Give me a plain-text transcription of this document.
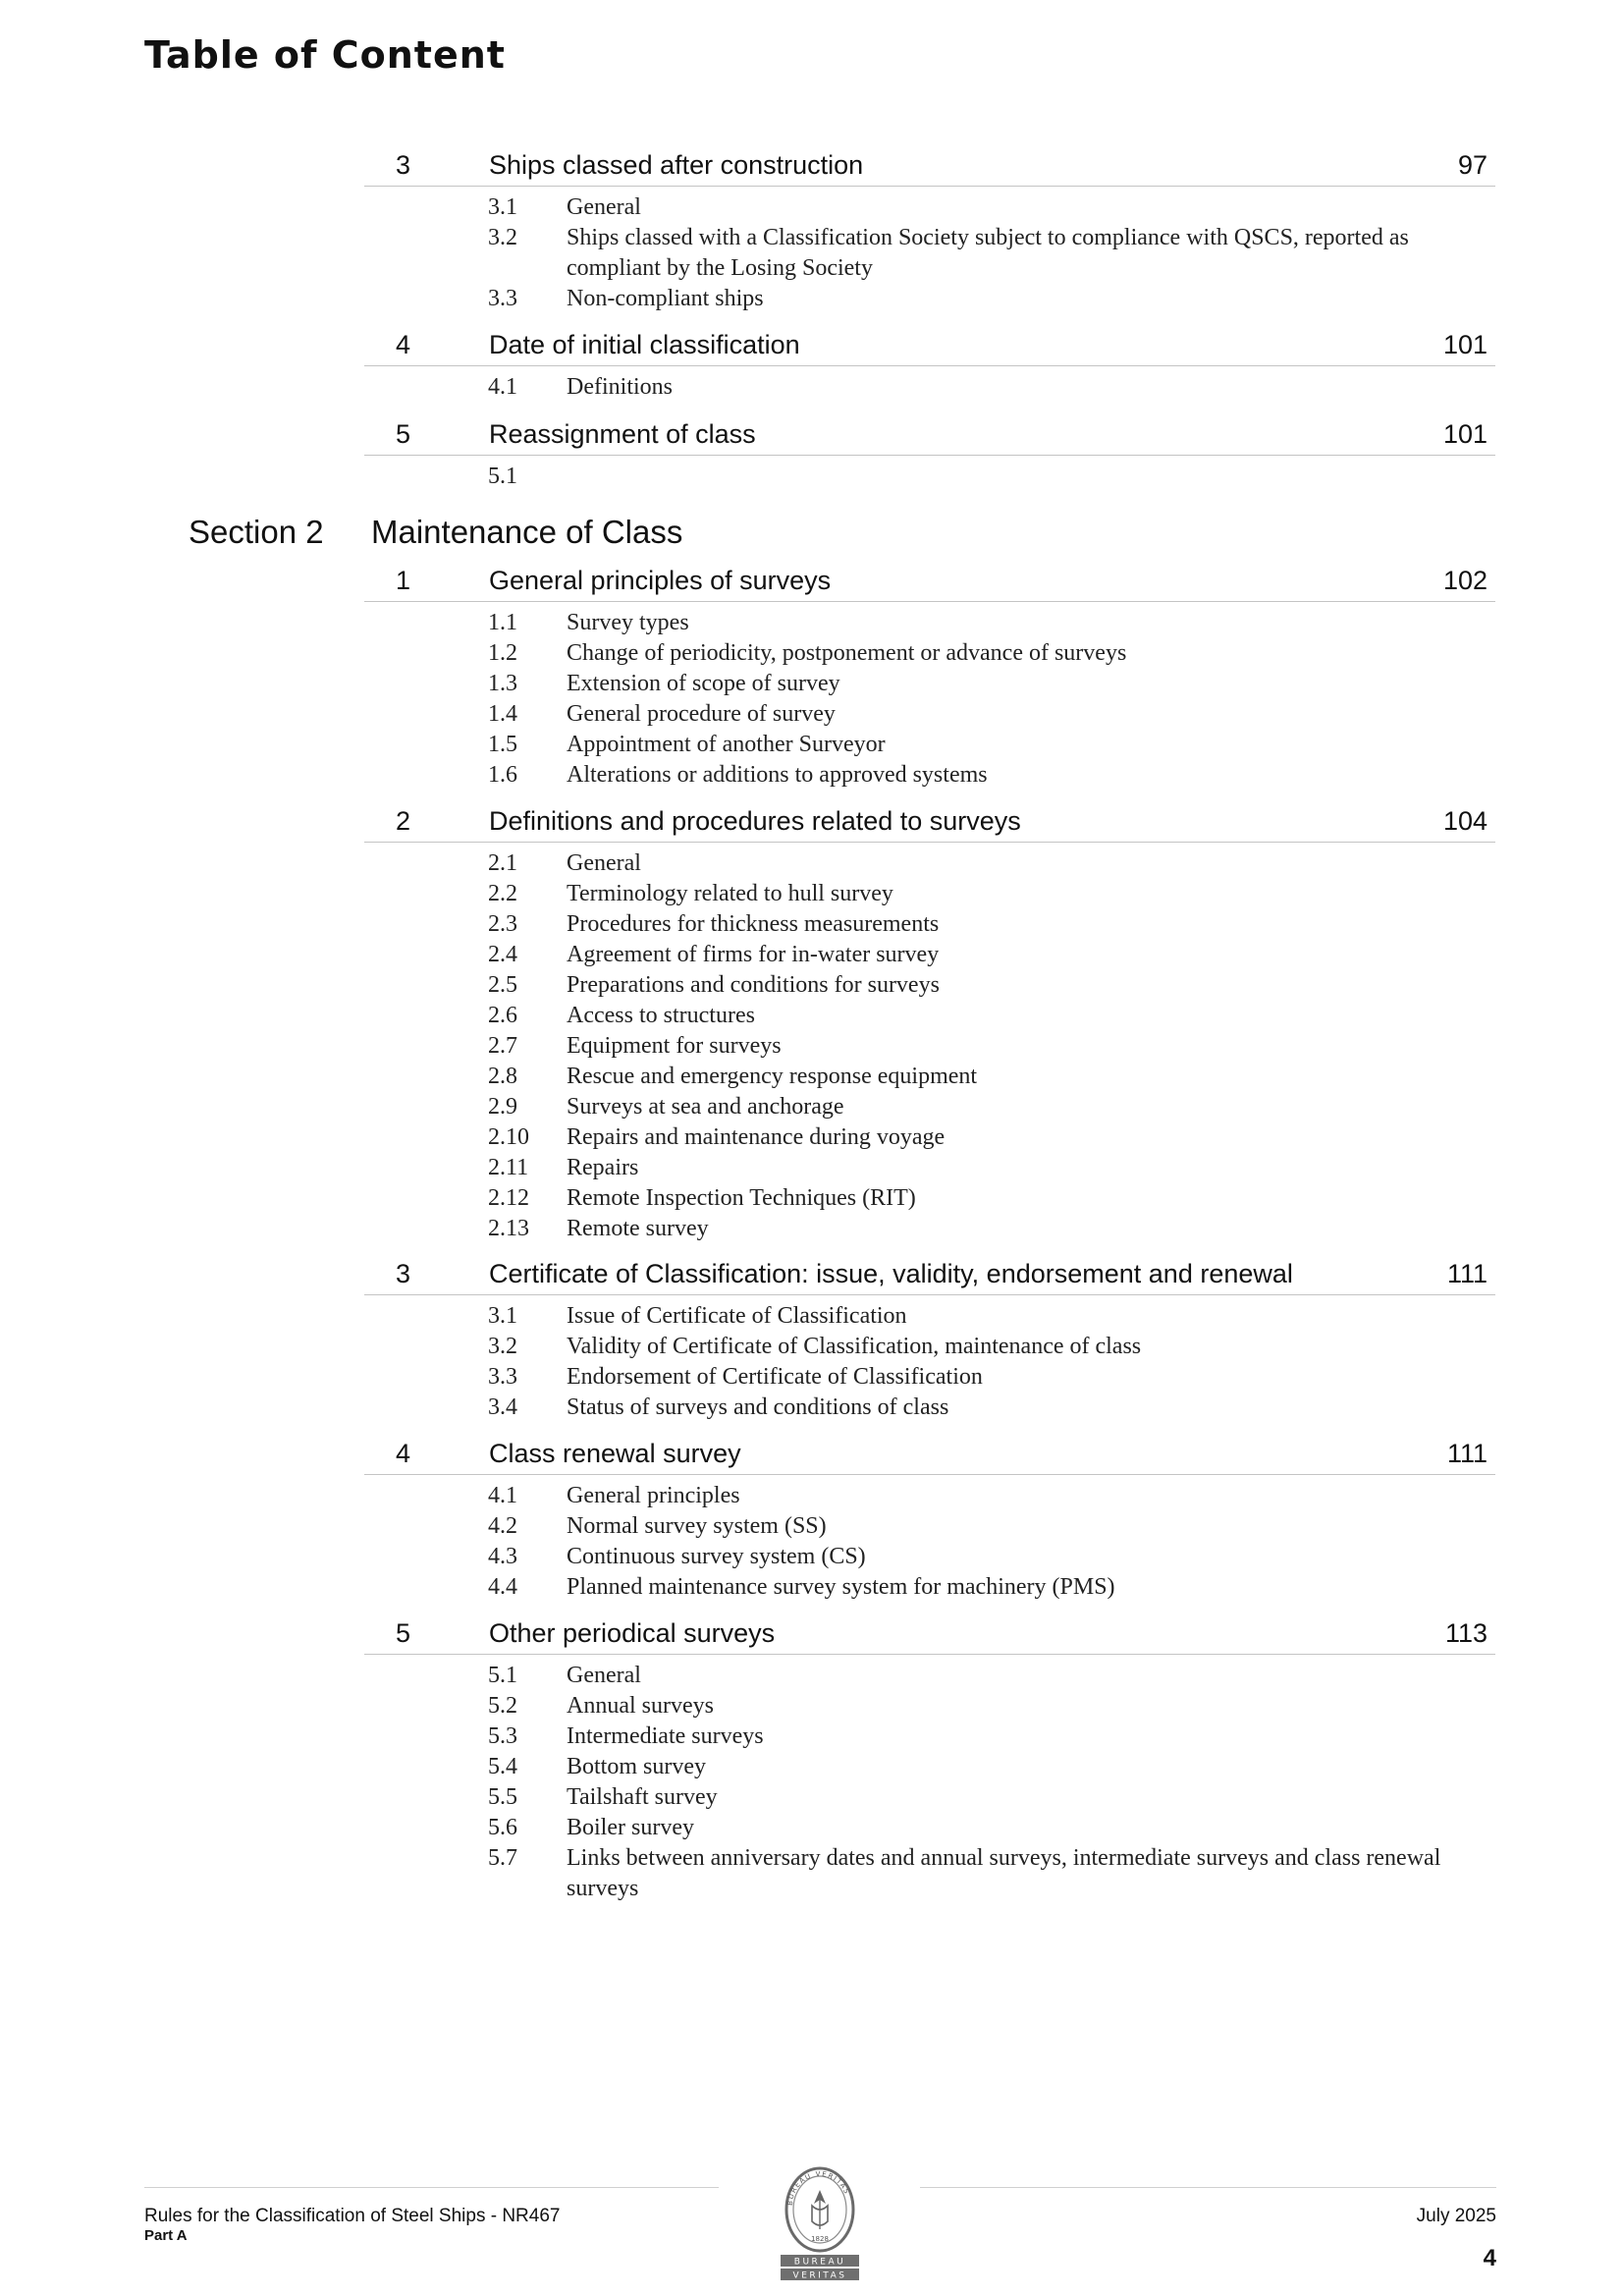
Table of Content
3	Ships classed after construction	97
3.1 General
3.2 Ships classed with a Classification Society subject to compliance with QSCS, reported as compliant by the Losing Society
3.3 Non-compliant ships
4	Date of initial classification	101
4.1 Definitions
5	Reassignment of class	101
5.1
Section 2 Maintenance of Class
1	General principles of surveys	102
1.1 Survey types
1.2 Change of periodicity, postponement or advance of surveys
1.3 Extension of scope of survey
1.4 General procedure of survey
1.5 Appointment of another Surveyor
1.6 Alterations or additions to approved systems
2	Definitions and procedures related to surveys	104
2.1 General
2.2 Terminology related to hull survey
2.3 Procedures for thickness measurements
2.4 Agreement of firms for in-water survey
2.5 Preparations and conditions for surveys
2.6 Access to structures
2.7 Equipment for surveys
2.8 Rescue and emergency response equipment
2.9 Surveys at sea and anchorage
2.10 Repairs and maintenance during voyage
2.11 Repairs
2.12 Remote Inspection Techniques (RIT)
2.13 Remote survey
3	Certificate of Classification: issue, validity, endorsement and renewal	111
3.1 Issue of Certificate of Classification
3.2 Validity of Certificate of Classification, maintenance of class
3.3 Endorsement of Certificate of Classification
3.4 Status of surveys and conditions of class
4	Class renewal survey	111
4.1 General principles
4.2 Normal survey system (SS)
4.3 Continuous survey system (CS)
4.4 Planned maintenance survey system for machinery (PMS)
5	Other periodical surveys	113
5.1 General
5.2 Annual surveys
5.3 Intermediate surveys
5.4 Bottom survey
5.5 Tailshaft survey
5.6 Boiler survey
5.7 Links between anniversary dates and annual surveys, intermediate surveys and class renewal surveys
Rules for the Classification of Steel Ships - NR467
Part A
July 2025
4
BUREAU VERITAS
1828
BUREAU
VERITAS
